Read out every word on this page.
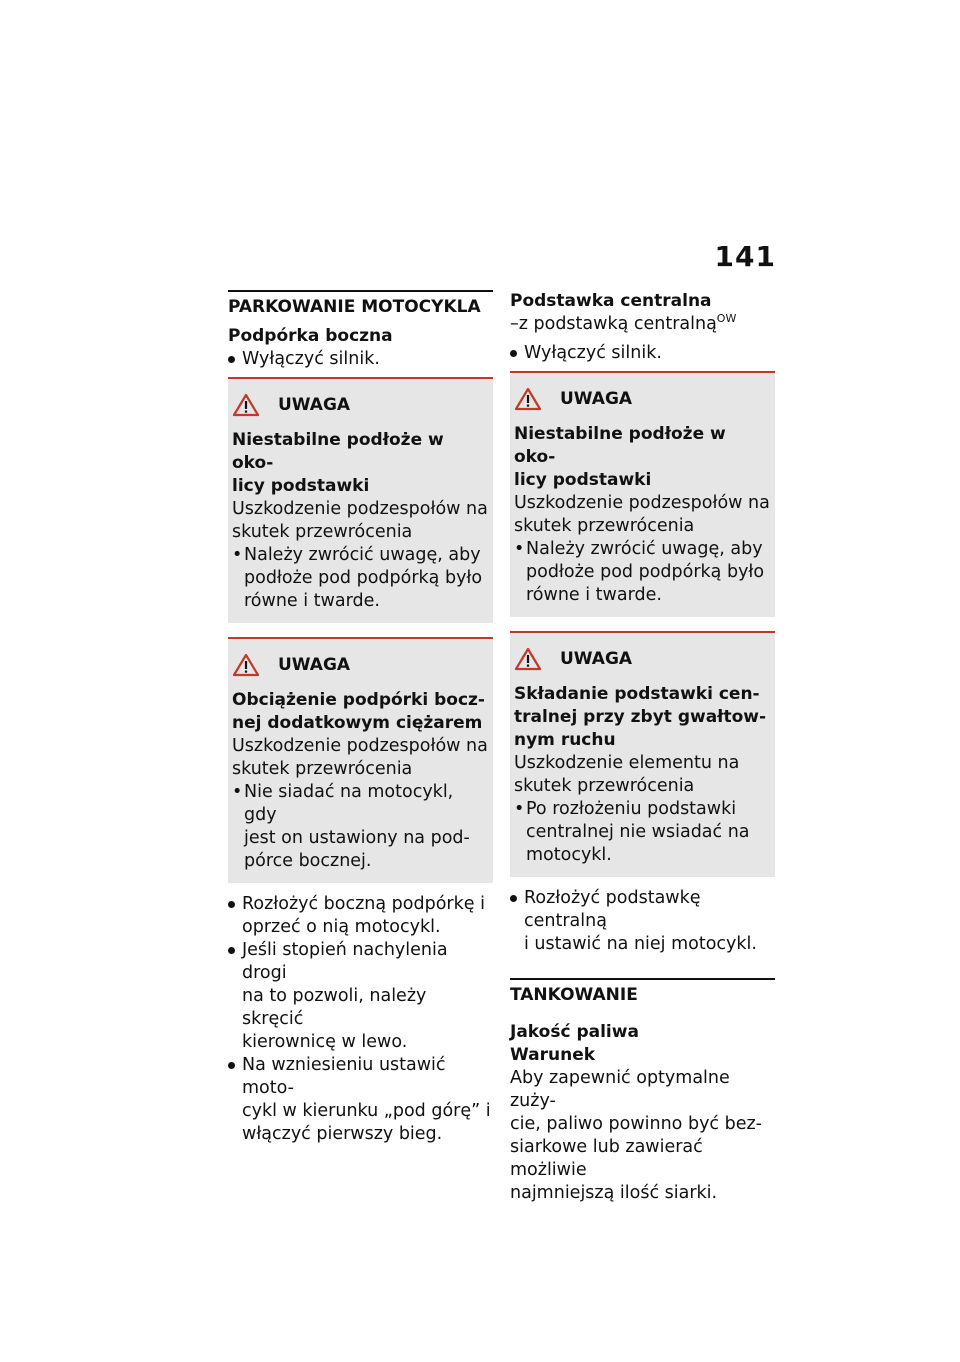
141
PARKOWANIE MOTOCYKLA
Podpórka boczna
Wyłączyć silnik.
UWAGA

Niestabilne podłoże w oko-

licy podstawki

Uszkodzenie podzespołów na

skutek przewrócenia

• Należy zwrócić uwagę, aby
podłoże pod podpórką było
równe i twarde.
UWAGA

Obciążenie podpórki bocz-

nej dodatkowym ciężarem

Uszkodzenie podzespołów na

skutek przewrócenia

• Nie siadać na motocykl, gdy
jest on ustawiony na pod-
pórce bocznej.
Rozłożyć boczną podpórkę i
oprzeć o nią motocykl.
Jeśli stopień nachylenia drogi
na to pozwoli, należy skręcić
kierownicę w lewo.
Na wzniesieniu ustawić moto-
cykl w kierunku „pod górę” i
włączyć pierwszy bieg.
Podstawka centralna

–z podstawką centralną$^{OW}$

Wyłączyć silnik.
UWAGA

Niestabilne podłoże w oko-

licy podstawki

Uszkodzenie podzespołów na

skutek przewrócenia

• Należy zwrócić uwagę, aby
podłoże pod podpórką było
równe i twarde.
UWAGA

Składanie podstawki cen-

tralnej przy zbyt gwałtow-

nym ruchu

Uszkodzenie elementu na

skutek przewrócenia

• Po rozłożeniu podstawki
centralnej nie wsiadać na
motocykl.
Rozłożyć podstawkę centralną
i ustawić na niej motocykl.
TANKOWANIE
Jakość paliwa
Warunek

Aby zapewnić optymalne zuży-

cie, paliwo powinno być bez-

siarkowe lub zawierać możliwie

najmniejszą ilość siarki.
